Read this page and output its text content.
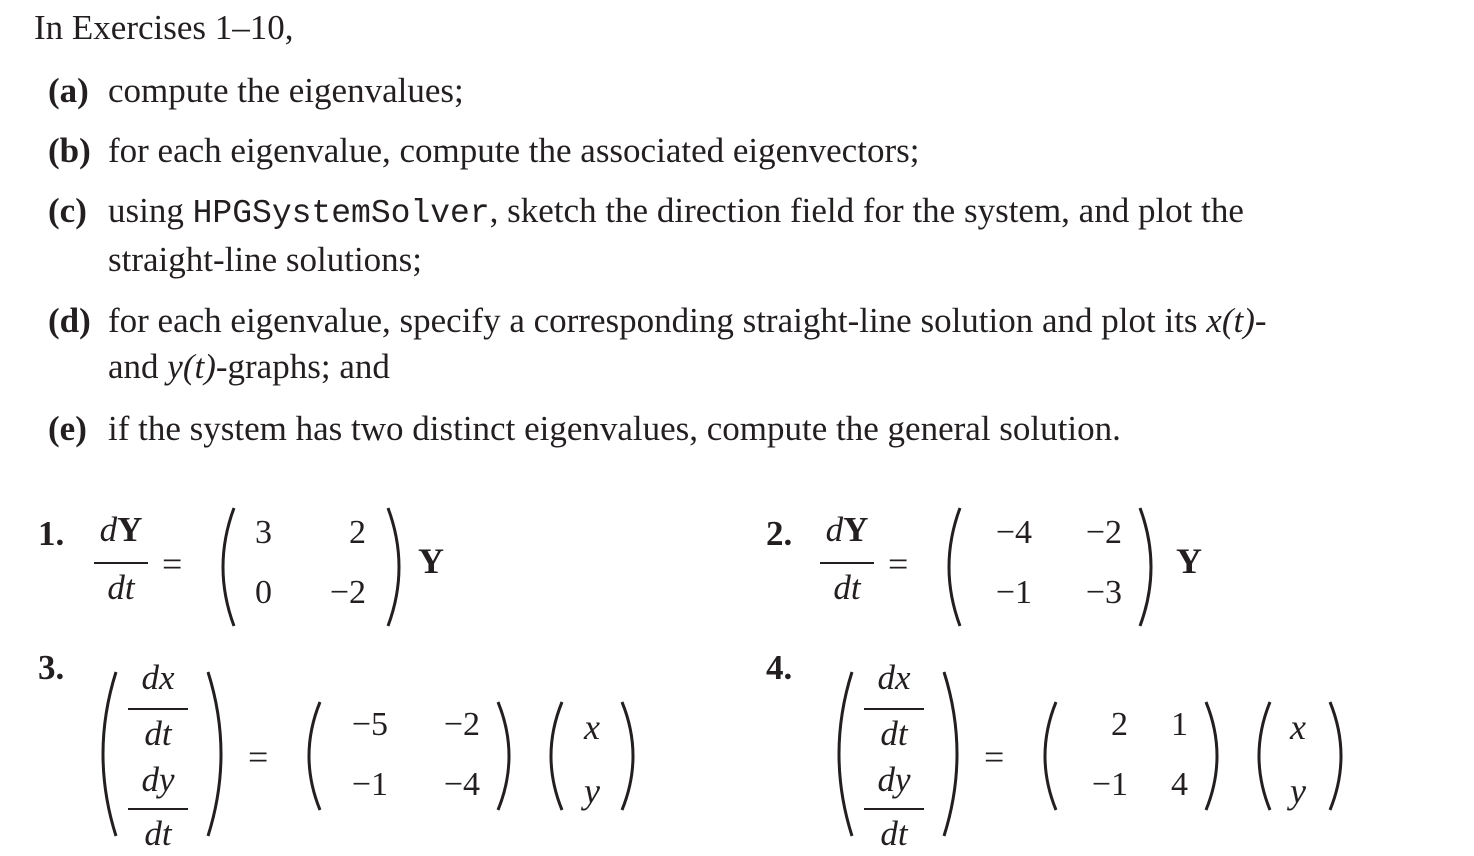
In Exercises 1–10,
(a) compute the eigenvalues;
(b) for each eigenvalue, compute the associated eigenvectors;
(c) using HPGSystemSolver, sketch the direction field for the system, and plot the
straight-line solutions;
(d) for each eigenvalue, specify a corresponding straight-line solution and plot its x(t)-
and y(t)-graphs; and
(e) if the system has two distinct eigenvalues, compute the general solution.
1. dY
dt
=
3	2
0	−2
Y
2. dY
dt
=
−4	−2
−1	−3
Y
3.	dx
dt
dy
dt
=
−5	−2
−1	−4
x
y
4.	dx
dt
dy
dt
=
2	1
−1	4
x
y
